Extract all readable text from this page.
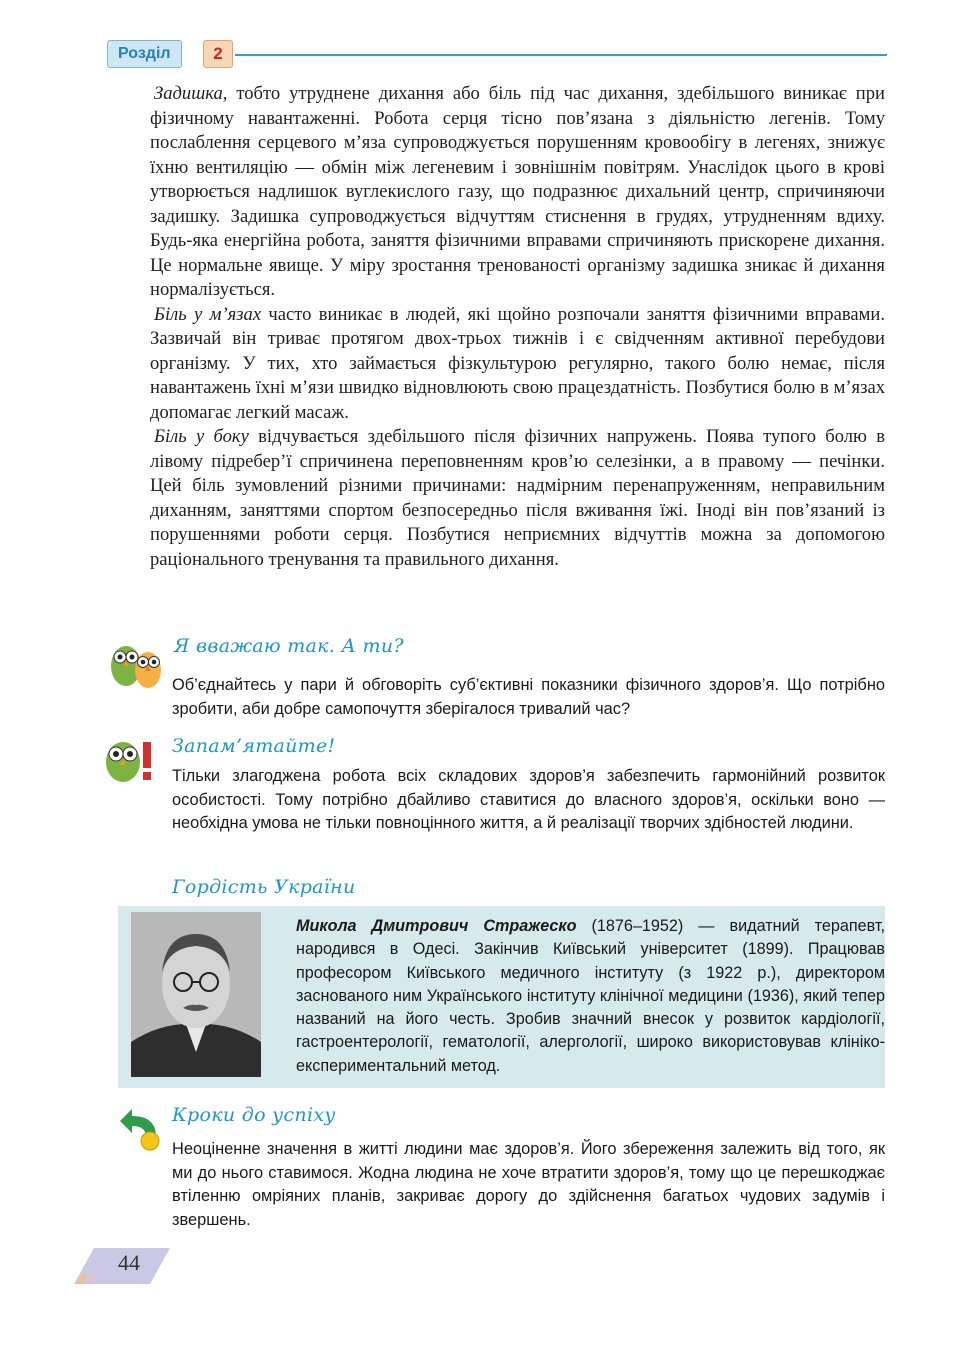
Розділ	2

Задишка, тобто утруднене дихання або біль під час дихання, здебільшого виникає при фізичному навантаженні. Робота серця тісно пов’язана з діяльністю легенів. Тому послаблення серцевого м’яза супроводжується порушенням кровообігу в легенях, знижує їхню вентиляцію — обмін між легеневим і зовнішнім повітрям. Унаслідок цього в крові утворюється надлишок вуглекислого газу, що подразнює дихальний центр, спричиняючи задишку. Задишка супроводжується відчуттям стиснення в грудях, утрудненням вдиху. Будь-яка енергійна робота, заняття фізичними вправами спричиняють прискорене дихання. Це нормальне явище. У міру зростання тренованості організму задишка зникає й дихання нормалізується.

Біль у м’язах часто виникає в людей, які щойно розпочали заняття фізичними вправами. Зазвичай він триває протягом двох-трьох тижнів і є свідченням активної перебудови організму. У тих, хто займається фізкультурою регулярно, такого болю немає, після навантажень їхні м’язи швидко відновлюють свою працездатність. Позбутися болю в м’язах допомагає легкий масаж.

Біль у боку відчувається здебільшого після фізичних напружень. Поява тупого болю в лівому підребер’ї спричинена переповненням кров’ю селезінки, а в правому — печінки. Цей біль зумовлений різними причинами: надмірним перенапруженням, неправильним диханням, заняттями спортом безпосередньо після вживання їжі. Іноді він пов’язаний із порушеннями роботи серця. Позбутися неприємних відчуттів можна за допомогою раціонального тренування та правильного дихання.

Я вважаю так. А ти?
Об’єднайтесь у пари й обговоріть суб’єктивні показники фізичного здоров’я. Що потрібно зробити, аби добре самопочуття зберігалося тривалий час?
Запам’ятайте!
Тільки злагоджена робота всіх складових здоров’я забезпечить гармонійний розвиток особистості. Тому потрібно дбайливо ставитися до власного здоров’я, оскільки воно — необхідна умова не тільки повноцінного життя, а й реалізації творчих здібностей людини.
Гордість України
Микола Дмитрович Стражеско (1876–1952) — видатний терапевт, народився в Одесі. Закінчив Київський університет (1899). Працював професором Київського медичного інституту (з 1922 р.), директором заснованого ним Українського інституту клінічної медицини (1936), який тепер названий на його честь. Зробив значний внесок у розвиток кардіології, гастроентерології, гематології, алергології, широко використовував клініко-експериментальний метод.
Кроки до успіху
Неоціненне значення в житті людини має здоров’я. Його збереження залежить від того, як ми до нього ставимося. Жодна людина не хоче втратити здоров’я, тому що це перешкоджає втіленню омріяних планів, закриває дорогу до здійснення багатьох чудових задумів і звершень.
44
